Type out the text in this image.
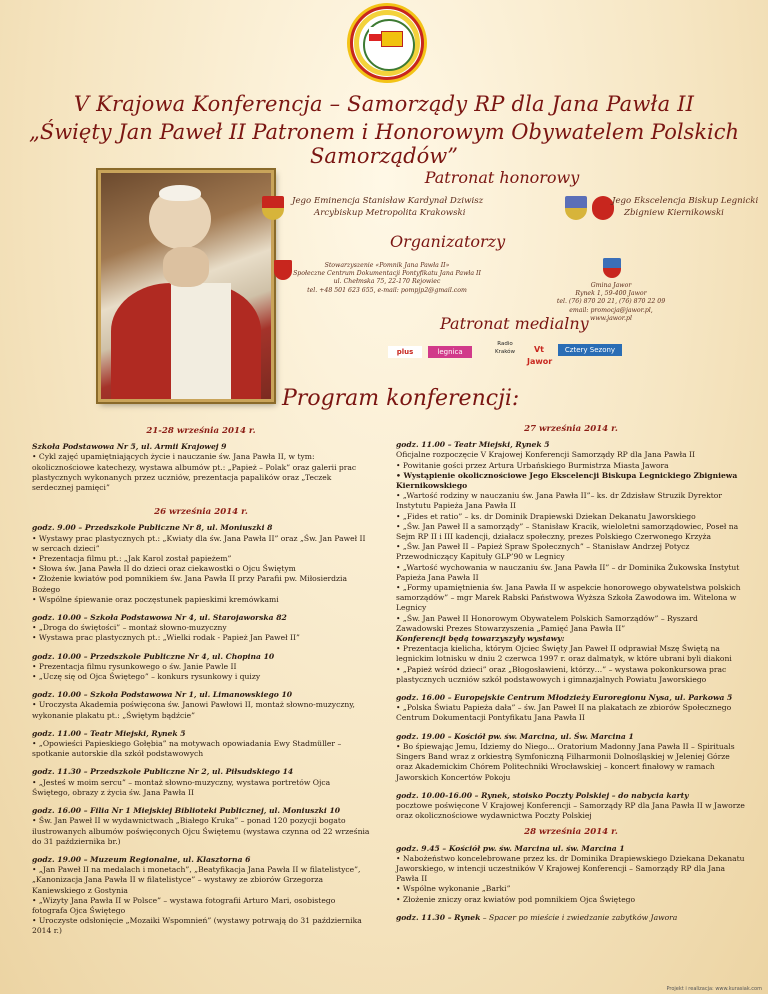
V Krajowa Konferencja – Samorządy RP dla Jana Pawła II
„Święty Jan Paweł II Patronem i Honorowym Obywatelem Polskich Samorządów”
Patronat honorowy
Jego Eminencja Stanisław Kardynał Dziwisz
Arcybiskup Metropolita Krakowski
Jego Ekscelencja Biskup Legnicki
Zbigniew Kiernikowski
Organizatorzy
Stowarzyszenie «Pomnik Jana Pawła II»
Społeczne Centrum Dokumentacji Pontyfikatu Jana Pawła II
ul. Chełmska 75, 22-170 Rejowiec
tel. +48 501 623 655, e-mail: pompjp2@gmail.com
Gmina Jawor
Rynek 1, 59-400 Jawor
tel. (76) 870 20 21, (76) 870 22 09
email: promocja@jawor.pl, www.jawor.pl
Patronat medialny
plus	legnica
Radio Kraków	Vt Jawor
Cztery Sezony
Program konferencji:

21-28 września 2014 r.

Szkoła Podstawowa Nr 5, ul. Armii Krajowej 9

• Cykl zajęć upamiętniających życie i nauczanie św. Jana Pawła II, w tym: okolicznościowe katechezy, wystawa albumów pt.: „Papież – Polak” oraz galerii prac plastycznych wykonanych przez uczniów, prezentacja papalików oraz „Teczek serdecznej pamięci”

26 września 2014 r.

godz. 9.00 – Przedszkole Publiczne Nr 8, ul. Moniuszki 8

• Wystawy prac plastycznych pt.: „Kwiaty dla św. Jana Pawła II” oraz „Św. Jan Paweł II w sercach dzieci”

• Prezentacja filmu pt.: „Jak Karol został papieżem”

• Słowa św. Jana Pawła II do dzieci oraz ciekawostki o Ojcu Świętym

• Złożenie kwiatów pod pomnikiem św. Jana Pawła II przy Parafii pw. Miłosierdzia Bożego

• Wspólne śpiewanie oraz poczęstunek papieskimi kremówkami

godz. 10.00 – Szkoła Podstawowa Nr 4, ul. Starojaworska 82

• „Droga do świętości” – montaż słowno-muzyczny

• Wystawa prac plastycznych pt.: „Wielki rodak - Papież Jan Paweł II”

godz. 10.00 – Przedszkole Publiczne Nr 4, ul. Chopina 10

• Prezentacja filmu rysunkowego o św. Janie Pawle II

• „Uczę się od Ojca Świętego” – konkurs rysunkowy i quizy

godz. 10.00 – Szkoła Podstawowa Nr 1, ul. Limanowskiego 10

• Uroczysta Akademia poświęcona św. Janowi Pawłowi II, montaż słowno-muzyczny, wykonanie plakatu pt.: „Świętym bądźcie”

godz. 11.00 – Teatr Miejski, Rynek 5

• „Opowieści Papieskiego Gołębia” na motywach opowiadania Ewy Stadmüller – spotkanie autorskie dla szkół podstawowych

godz. 11.30 – Przedszkole Publiczne Nr 2, ul. Piłsudskiego 14

• „Jesteś w moim sercu” – montaż słowno-muzyczny, wystawa portretów Ojca Świętego, obrazy z życia św. Jana Pawła II

godz. 16.00 – Filia Nr 1 Miejskiej Biblioteki Publicznej, ul. Moniuszki 10

• Św. Jan Paweł II w wydawnictwach „Białego Kruka” – ponad 120 pozycji bogato ilustrowanych albumów poświęconych Ojcu Świętemu (wystawa czynna od 22 września do 31 października br.)

godz. 19.00 – Muzeum Regionalne, ul. Klasztorna 6

• „Jan Paweł II na medalach i monetach”, „Beatyfikacja Jana Pawła II w filatelistyce”, „Kanonizacja Jana Pawła II w filatelistyce” – wystawy ze zbiorów Grzegorza Kaniewskiego z Gostynia

• „Wizyty Jana Pawła II w Polsce” – wystawa fotografii Arturo Mari, osobistego fotografa Ojca Świętego

• Uroczyste odsłonięcie „Mozaiki Wspomnień” (wystawy potrwają do 31 października 2014 r.)

27 września 2014 r.

godz. 11.00 – Teatr Miejski, Rynek 5

Oficjalne rozpoczęcie V Krajowej Konferencji Samorządy RP dla Jana Pawła II

• Powitanie gości przez Artura Urbańskiego Burmistrza Miasta Jawora

• Wystąpienie okolicznościowe Jego Ekscelencji Biskupa Legnickiego Zbigniewa Kiernikowskiego

• „Wartość rodziny w nauczaniu św. Jana Pawła II”– ks. dr Zdzisław Struzik Dyrektor Instytutu Papieża Jana Pawła II

• „Fides et ratio” – ks. dr Dominik Drapiewski Dziekan Dekanatu Jaworskiego

• „Św. Jan Paweł II a samorządy” – Stanisław Kracik, wieloletni samorządowiec, Poseł na Sejm RP II i III kadencji, działacz społeczny, prezes Polskiego Czerwonego Krzyża

• „Św. Jan Paweł II – Papież Spraw Społecznych” – Stanisław Andrzej Potycz Przewodniczący Kapituły GLP’90 w Legnicy

• „Wartość wychowania w nauczaniu św. Jana Pawła II” – dr Dominika Żukowska Instytut Papieża Jana Pawła II

• „Formy upamiętnienia św. Jana Pawła II w aspekcie honorowego obywatelstwa polskich samorządów” – mgr Marek Rabski Państwowa Wyższa Szkoła Zawodowa im. Witelona w Legnicy

• „Św. Jan Paweł II Honorowym Obywatelem Polskich Samorządów” – Ryszard Zawadowski Prezes Stowarzyszenia „Pamięć Jana Pawła II”

Konferencji będą towarzyszyły wystawy:

• Prezentacja kielicha, którym Ojciec Święty Jan Paweł II odprawiał Mszę Świętą na legnickim lotnisku w dniu 2 czerwca 1997 r. oraz dalmatyk, w które ubrani byli diakoni

• „Papież wśród dzieci” oraz „Błogosławieni, którzy…” – wystawa pokonkursowa prac plastycznych uczniów szkół podstawowych i gimnazjalnych Powiatu Jaworskiego

godz. 16.00 – Europejskie Centrum Młodzieży Euroregionu Nysa, ul. Parkowa 5

• „Polska Światu Papieża dała” – św. Jan Paweł II na plakatach ze zbiorów Społecznego Centrum Dokumentacji Pontyfikatu Jana Pawła II

godz. 19.00 – Kościół pw. św. Marcina, ul. Św. Marcina 1

• Bo śpiewając Jemu, Idziemy do Niego... Oratorium Madonny Jana Pawła II – Spirituals Singers Band wraz z orkiestrą Symfoniczną Filharmonii Dolnośląskiej w Jeleniej Górze oraz Akademickim Chórem Politechniki Wrocławskiej – koncert finałowy w ramach Jaworskich Koncertów Pokoju

godz. 10.00-16.00 – Rynek, stoisko Poczty Polskiej – do nabycia karty

pocztowe poświęcone V Krajowej Konferencji – Samorządy RP dla Jana Pawła II w Jaworze oraz okolicznościowe wydawnictwa Poczty Polskiej

28 września 2014 r.

godz. 9.45 – Kościół pw. św. Marcina ul. św. Marcina 1

• Nabożeństwo koncelebrowane przez ks. dr Dominika Drapiewskiego Dziekana Dekanatu Jaworskiego, w intencji uczestników V Krajowej Konferencji – Samorządy RP dla Jana Pawła II

• Wspólne wykonanie „Barki”

• Złożenie zniczy oraz kwiatów pod pomnikiem Ojca Świętego

godz. 11.30 – Rynek – Spacer po mieście i zwiedzanie zabytków Jawora

Projekt i realizacja: www.kurasiak.com
